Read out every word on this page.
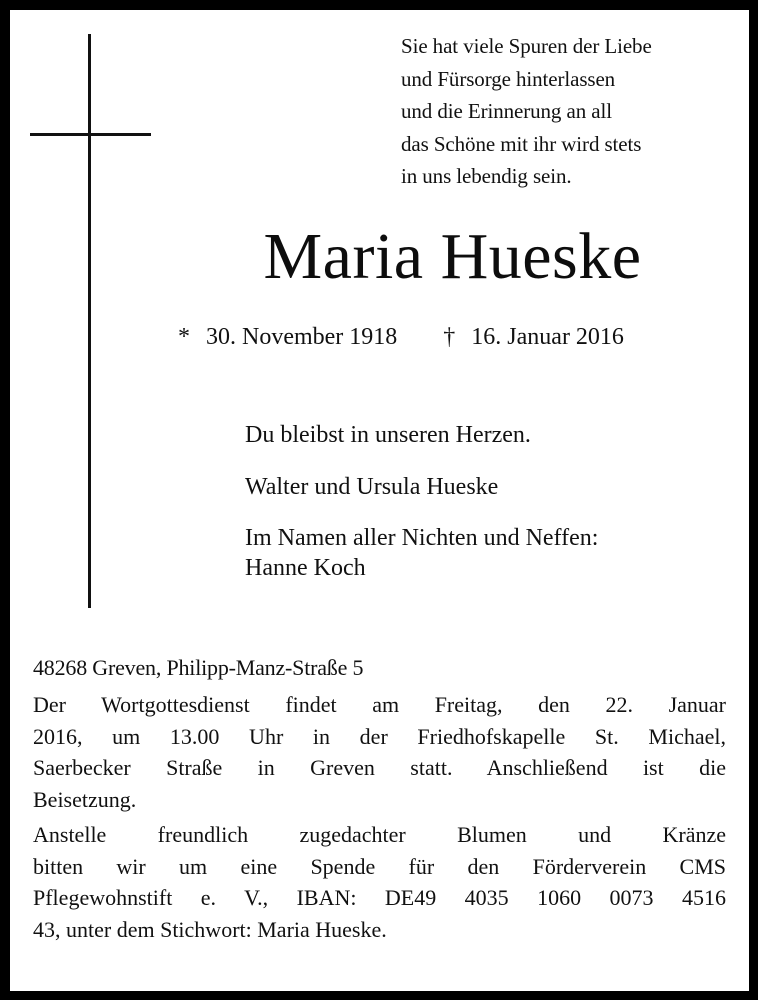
Sie hat viele Spuren der Liebe
und Fürsorge hinterlassen
und die Erinnerung an all
das Schöne mit ihr wird stets
in uns lebendig sein.
Maria Hueske
* 30. November 1918 † 16. Januar 2016
Du bleibst in unseren Herzen.
Walter und Ursula Hueske
Im Namen aller Nichten und Neffen:
Hanne Koch
48268 Greven, Philipp-Manz-Straße 5
Der Wortgottesdienst findet am Freitag, den 22. Januar
2016, um 13.00 Uhr in der Friedhofskapelle St. Michael,
Saerbecker Straße in Greven statt. Anschließend ist die
Beisetzung.
Anstelle freundlich zugedachter Blumen und Kränze
bitten wir um eine Spende für den Förderverein CMS
Pflegewohnstift e. V., IBAN: DE49 4035 1060 0073 4516
43, unter dem Stichwort: Maria Hueske.
